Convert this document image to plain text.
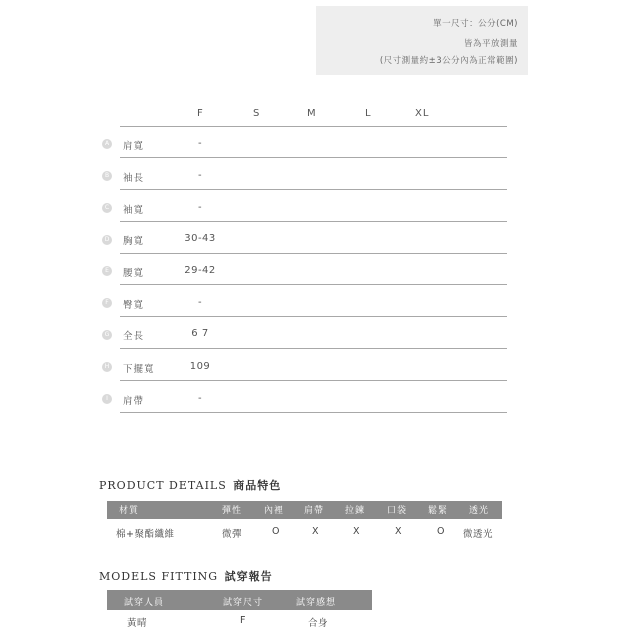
單一尺寸：公分(CM)
皆為平放測量
(尺寸測量約±3公分內為正常範圍)
F	S	M	L	XL
A	肩寬	-
B	袖長	-
C	袖寬	-
D 胸寬	30-43
E	腰寬	29-42
F	臀寬	-
G 全長	6 7
H 下擺寬	109
I	肩帶	-
PRODUCT DETAILS 商品特色
材質	彈性 內裡 肩帶 拉鍊 口袋 鬆緊 透光
棉+聚酯纖維	微彈	O	X	X	X	O 微透光
MODELS FITTING 試穿報告
試穿人員	試穿尺寸	試穿感想
黃晴	F	合身
